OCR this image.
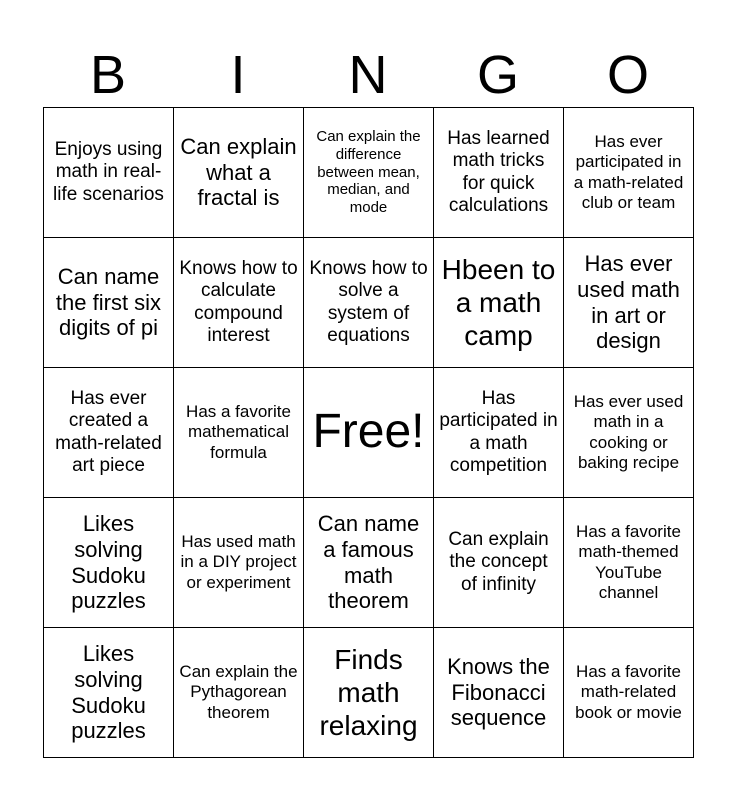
B	I	N	G	O
Enjoys using math in real-life scenarios	Can explain what a fractal is	Can explain the difference between mean, median, and mode	Has learned math tricks for quick calculations	Has ever participated in a math-related club or team
Can name the first six digits of pi	Knows how to calculate compound interest	Knows how to solve a system of equations	Hbeen to a math camp	Has ever used math in art or design
Has ever created a math-related art piece	Has a favorite mathematical formula	Free!	Has participated in a math competition	Has ever used math in a cooking or baking recipe
Likes solving Sudoku puzzles	Has used math in a DIY project or experiment	Can name a famous math theorem	Can explain the concept of infinity	Has a favorite math-themed YouTube channel
Likes solving Sudoku puzzles	Can explain the Pythagorean theorem	Finds math relaxing	Knows the Fibonacci sequence	Has a favorite math-related book or movie
